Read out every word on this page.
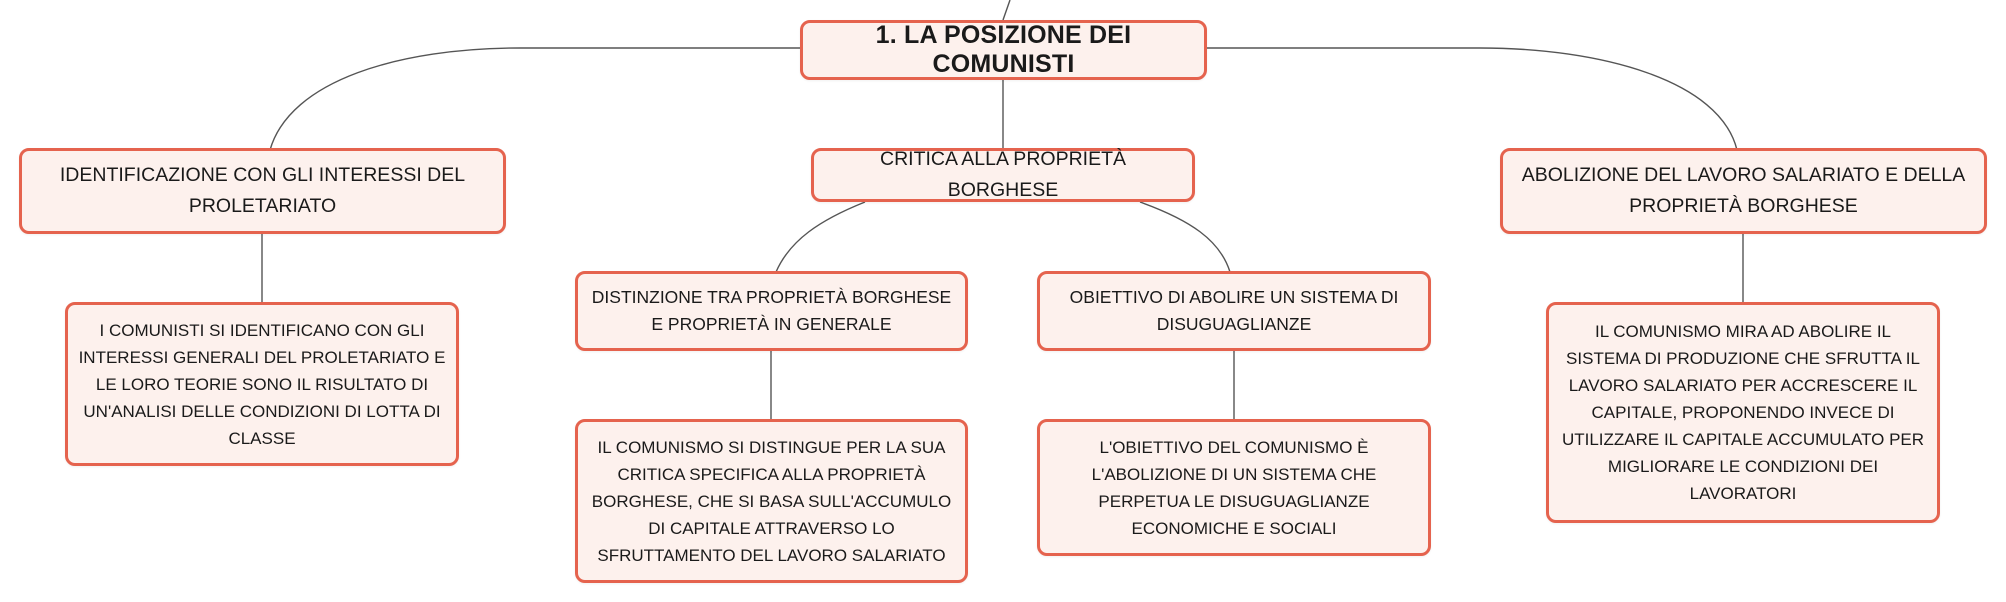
1. LA POSIZIONE DEI COMUNISTI
IDENTIFICAZIONE CON GLI INTERESSI DEL PROLETARIATO
CRITICA ALLA PROPRIETÀ BORGHESE
ABOLIZIONE DEL LAVORO SALARIATO E DELLA PROPRIETÀ BORGHESE
I COMUNISTI SI IDENTIFICANO CON GLI INTERESSI GENERALI DEL PROLETARIATO E LE LORO TEORIE SONO IL RISULTATO DI UN'ANALISI DELLE CONDIZIONI DI LOTTA DI CLASSE
DISTINZIONE TRA PROPRIETÀ BORGHESE E PROPRIETÀ IN GENERALE
OBIETTIVO DI ABOLIRE UN SISTEMA DI DISUGUAGLIANZE
IL COMUNISMO SI DISTINGUE PER LA SUA CRITICA SPECIFICA ALLA PROPRIETÀ BORGHESE, CHE SI BASA SULL'ACCUMULO DI CAPITALE ATTRAVERSO LO SFRUTTAMENTO DEL LAVORO SALARIATO
L'OBIETTIVO DEL COMUNISMO È L'ABOLIZIONE DI UN SISTEMA CHE PERPETUA LE DISUGUAGLIANZE ECONOMICHE E SOCIALI
IL COMUNISMO MIRA AD ABOLIRE IL SISTEMA DI PRODUZIONE CHE SFRUTTA IL LAVORO SALARIATO PER ACCRESCERE IL CAPITALE, PROPONENDO INVECE DI UTILIZZARE IL CAPITALE ACCUMULATO PER MIGLIORARE LE CONDIZIONI DEI LAVORATORI
